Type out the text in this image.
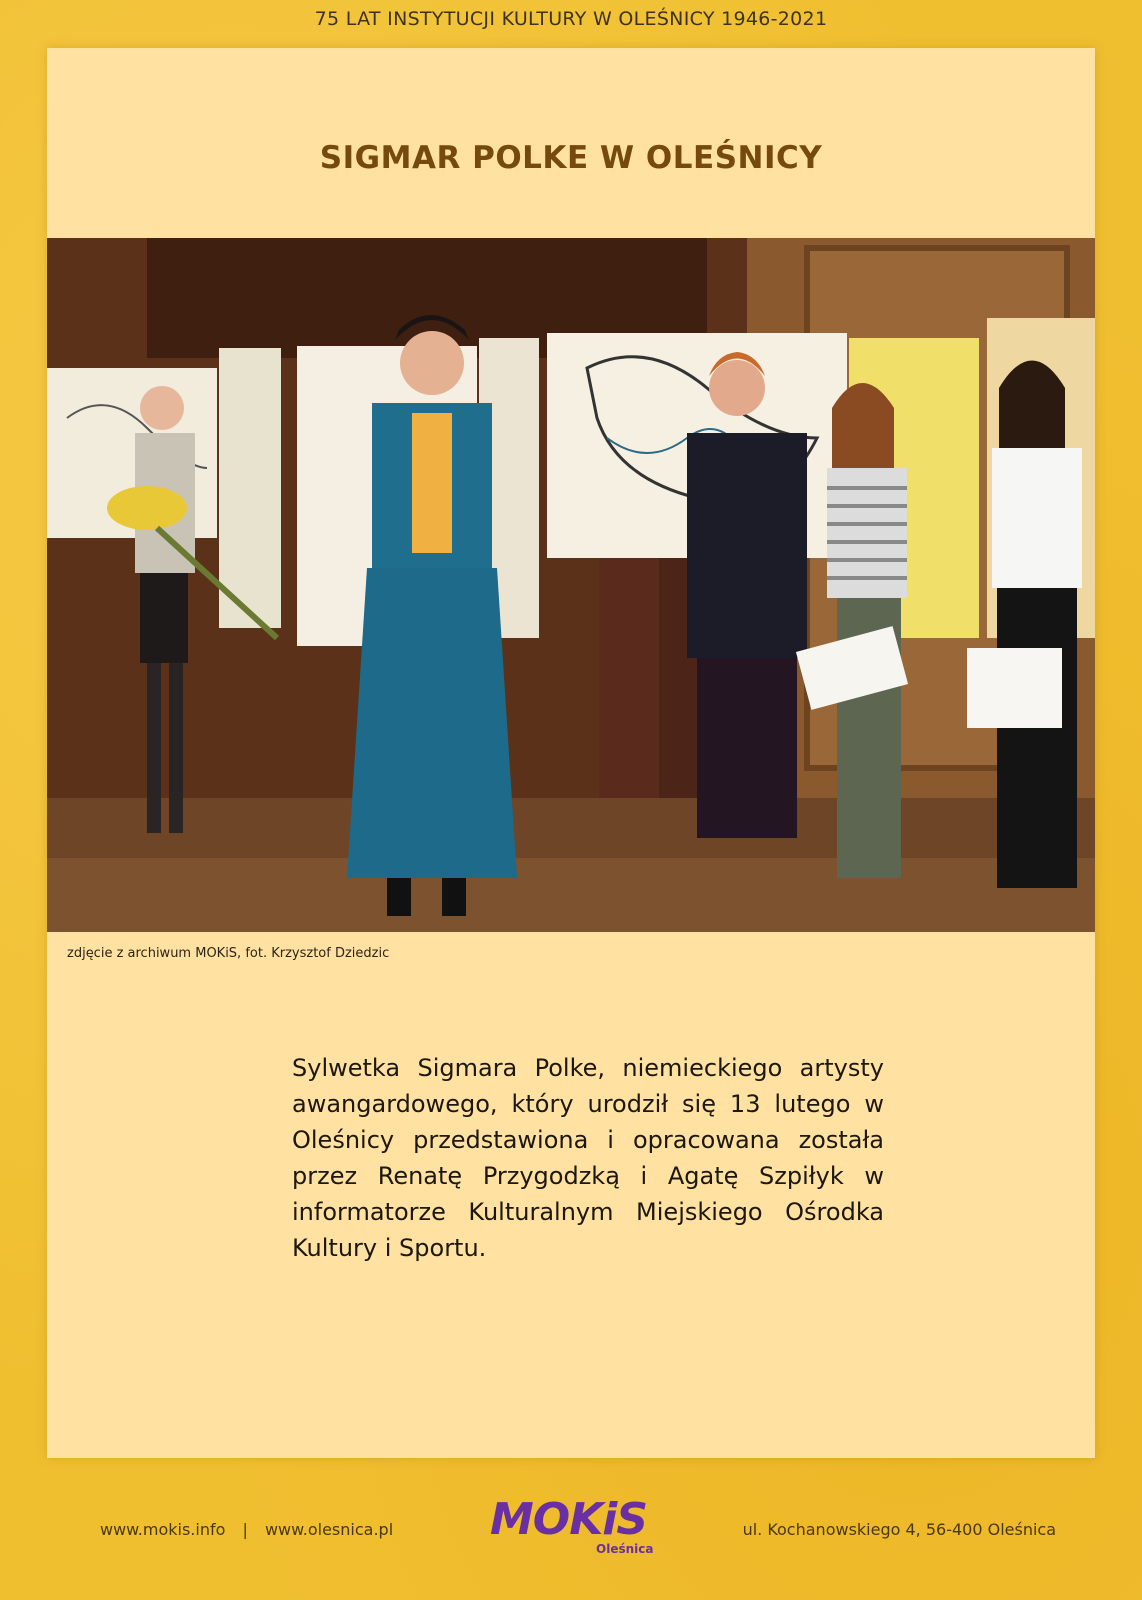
75 LAT INSTYTUCJI KULTURY W OLEŚNICY 1946-2021
SIGMAR POLKE W OLEŚNICY
zdjęcie z archiwum MOKiS, fot. Krzysztof Dziedzic
Sylwetka Sigmara Polke, niemieckiego artysty awangardowego, który urodził się 13 lutego w Oleśnicy przedstawiona i opracowana została przez Renatę Przygodzką i Agatę Szpiłyk w informatorze Kulturalnym Miejskiego Ośrodka Kultury i Sportu.
www.mokis.info | www.olesnica.pl MOKiS
Oleśnica
ul. Kochanowskiego 4, 56-400 Oleśnica
